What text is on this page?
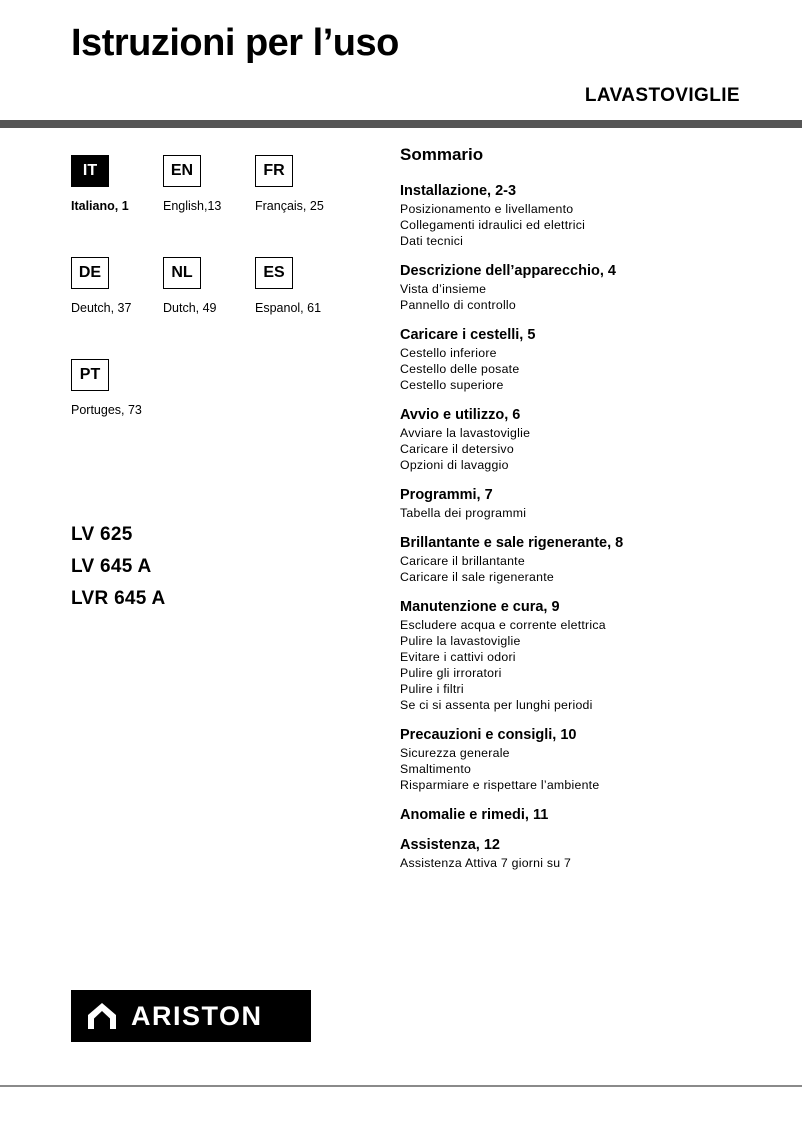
Istruzioni per l’uso
LAVASTOVIGLIE
IT
Italiano, 1
EN
English,13
FR
Français, 25
DE
Deutch, 37
NL
Dutch, 49
ES
Espanol, 61
PT
Portuges, 73
LV 625
LV 645 A
LVR 645 A
Sommario
Installazione, 2-3
Posizionamento e livellamento
Collegamenti idraulici ed elettrici
Dati tecnici
Descrizione dell’apparecchio, 4
Vista d’insieme
Pannello di controllo
Caricare i cestelli, 5
Cestello inferiore
Cestello delle posate
Cestello superiore
Avvio e utilizzo, 6
Avviare la lavastoviglie
Caricare il detersivo
Opzioni di lavaggio
Programmi, 7
Tabella dei programmi
Brillantante e sale rigenerante, 8
Caricare il brillantante
Caricare il sale rigenerante
Manutenzione e cura, 9
Escludere acqua e corrente elettrica
Pulire la lavastoviglie
Evitare i cattivi odori
Pulire gli irroratori
Pulire i filtri
Se ci si assenta per lunghi periodi
Precauzioni e consigli, 10
Sicurezza generale
Smaltimento
Risparmiare e rispettare l’ambiente
Anomalie e rimedi, 11
Assistenza, 12
Assistenza Attiva 7 giorni su 7
ARISTON
